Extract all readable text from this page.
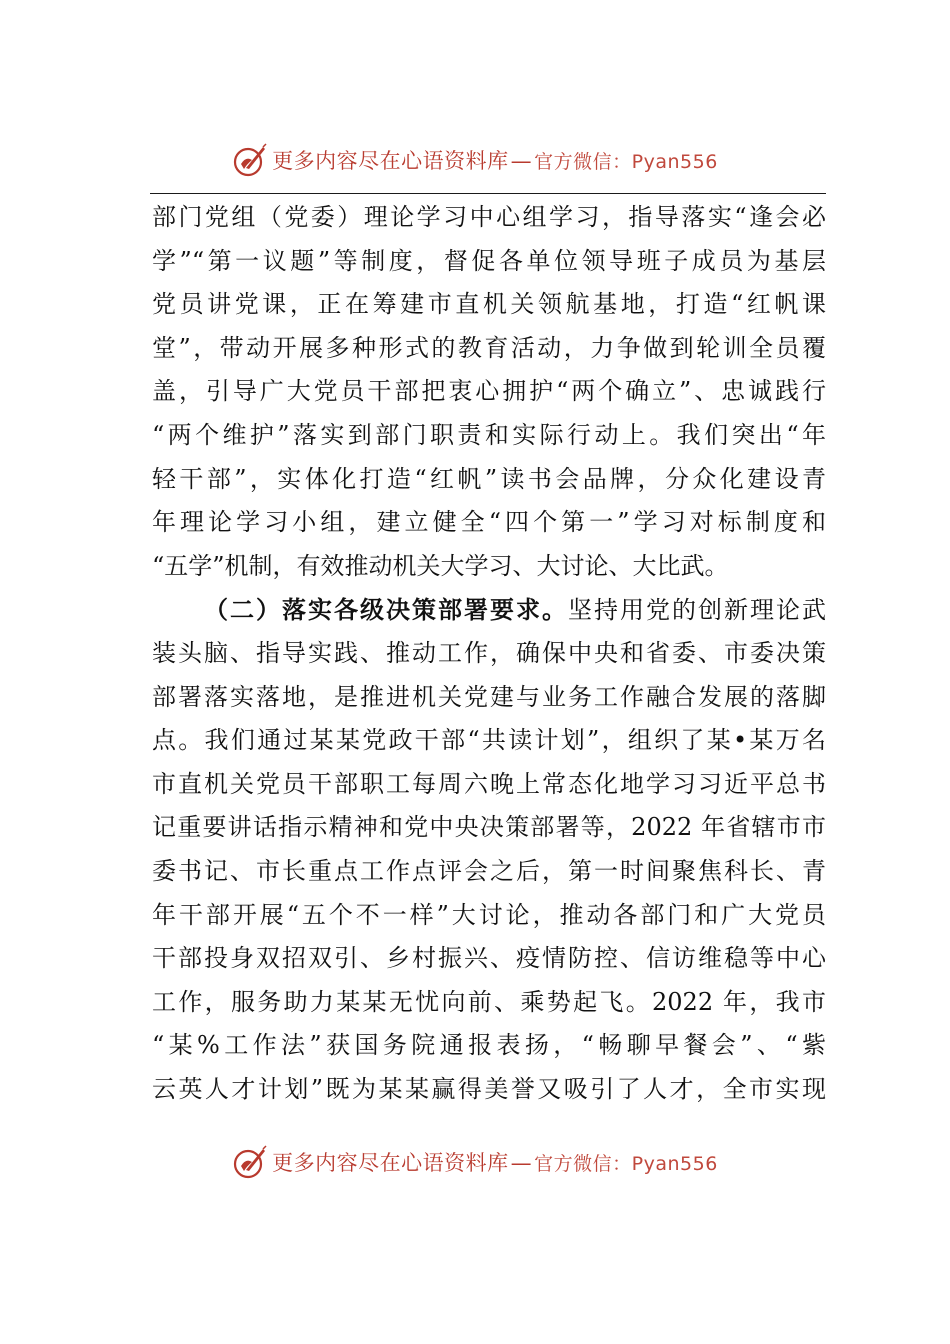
更多内容尽在心语资料库— 官方微信：Pyan556
部门党组（党委）理论学习中心组学习，指导落实“逢会必
学”“第一议题”等制度，督促各单位领导班子成员为基层
党员讲党课，正在筹建市直机关领航基地，打造“红帆课
堂”，带动开展多种形式的教育活动，力争做到轮训全员覆
盖，引导广大党员干部把衷心拥护“两个确立”、忠诚践行
“两个维护”落实到部门职责和实际行动上。我们突出“年
轻干部”，实体化打造“红帆”读书会品牌，分众化建设青
年理论学习小组，建立健全“四个第一”学习对标制度和
“五学”机制，有效推动机关大学习、大讨论、大比武。
（二）落实各级决策部署要求。坚持用党的创新理论武
装头脑、指导实践、推动工作，确保中央和省委、市委决策
部署落实落地，是推进机关党建与业务工作融合发展的落脚
点。我们通过某某党政干部“共读计划”，组织了某•某万名
市直机关党员干部职工每周六晚上常态化地学习习近平总书
记重要讲话指示精神和党中央决策部署等，2022 年省辖市市
委书记、市长重点工作点评会之后，第一时间聚焦科长、青
年干部开展“五个不一样”大讨论，推动各部门和广大党员
干部投身双招双引、乡村振兴、疫情防控、信访维稳等中心
工作，服务助力某某无忧向前、乘势起飞。2022 年，我市
“某%工作法”获国务院通报表扬，“畅聊早餐会”、“紫
云英人才计划”既为某某赢得美誉又吸引了人才，全市实现
更多内容尽在心语资料库— 官方微信：Pyan556
